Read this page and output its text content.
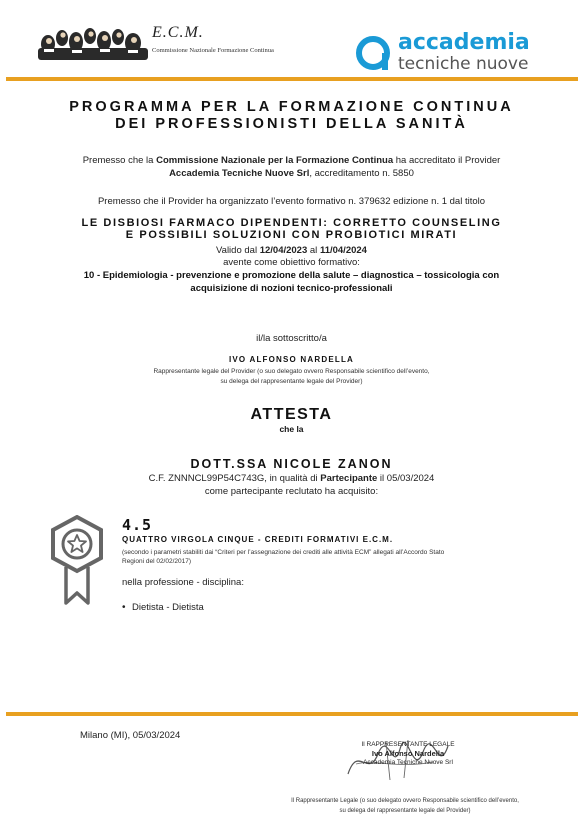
E.C.M.
Commissione Nazionale Formazione Continua	accademia
tecniche nuove
PROGRAMMA PER LA FORMAZIONE CONTINUA
DEI PROFESSIONISTI DELLA SANITÀ
Premesso che la Commissione Nazionale per la Formazione Continua ha accreditato il Provider
Accademia Tecniche Nuove Srl, accreditamento n. 5850
Premesso che il Provider ha organizzato l’evento formativo n. 379632 edizione n. 1 dal titolo
LE DISBIOSI FARMACO DIPENDENTI: CORRETTO COUNSELING
E POSSIBILI SOLUZIONI CON PROBIOTICI MIRATI
Valido dal 12/04/2023 al 11/04/2024
avente come obiettivo formativo:
10 - Epidemiologia - prevenzione e promozione della salute – diagnostica – tossicologia con
acquisizione di nozioni tecnico-professionali
il/la sottoscritto/a
IVO ALFONSO NARDELLA
Rappresentante legale del Provider (o suo delegato ovvero Responsabile scientifico dell’evento,
su delega del rappresentante legale del Provider)
ATTESTA
che la
DOTT.SSA NICOLE ZANON
C.F. ZNNNCL99P54C743G, in qualità di Partecipante il 05/03/2024
come partecipante reclutato ha acquisito:
4.5
QUATTRO VIRGOLA CINQUE - CREDITI FORMATIVI E.C.M.
(secondo i parametri stabiliti dai “Criteri per l’assegnazione dei crediti alle attività ECM” allegati all’Accordo Stato
Regioni del 02/02/2017)
nella professione - disciplina:
• Dietista - Dietista
Milano (MI), 05/03/2024
Il RAPPRESENTANTE LEGALE
Ivo Alfonso Nardella
Accademia Tecniche Nuove Srl
Il Rappresentante Legale (o suo delegato ovvero Responsabile scientifico dell’evento,
su delega del rappresentante legale del Provider)
